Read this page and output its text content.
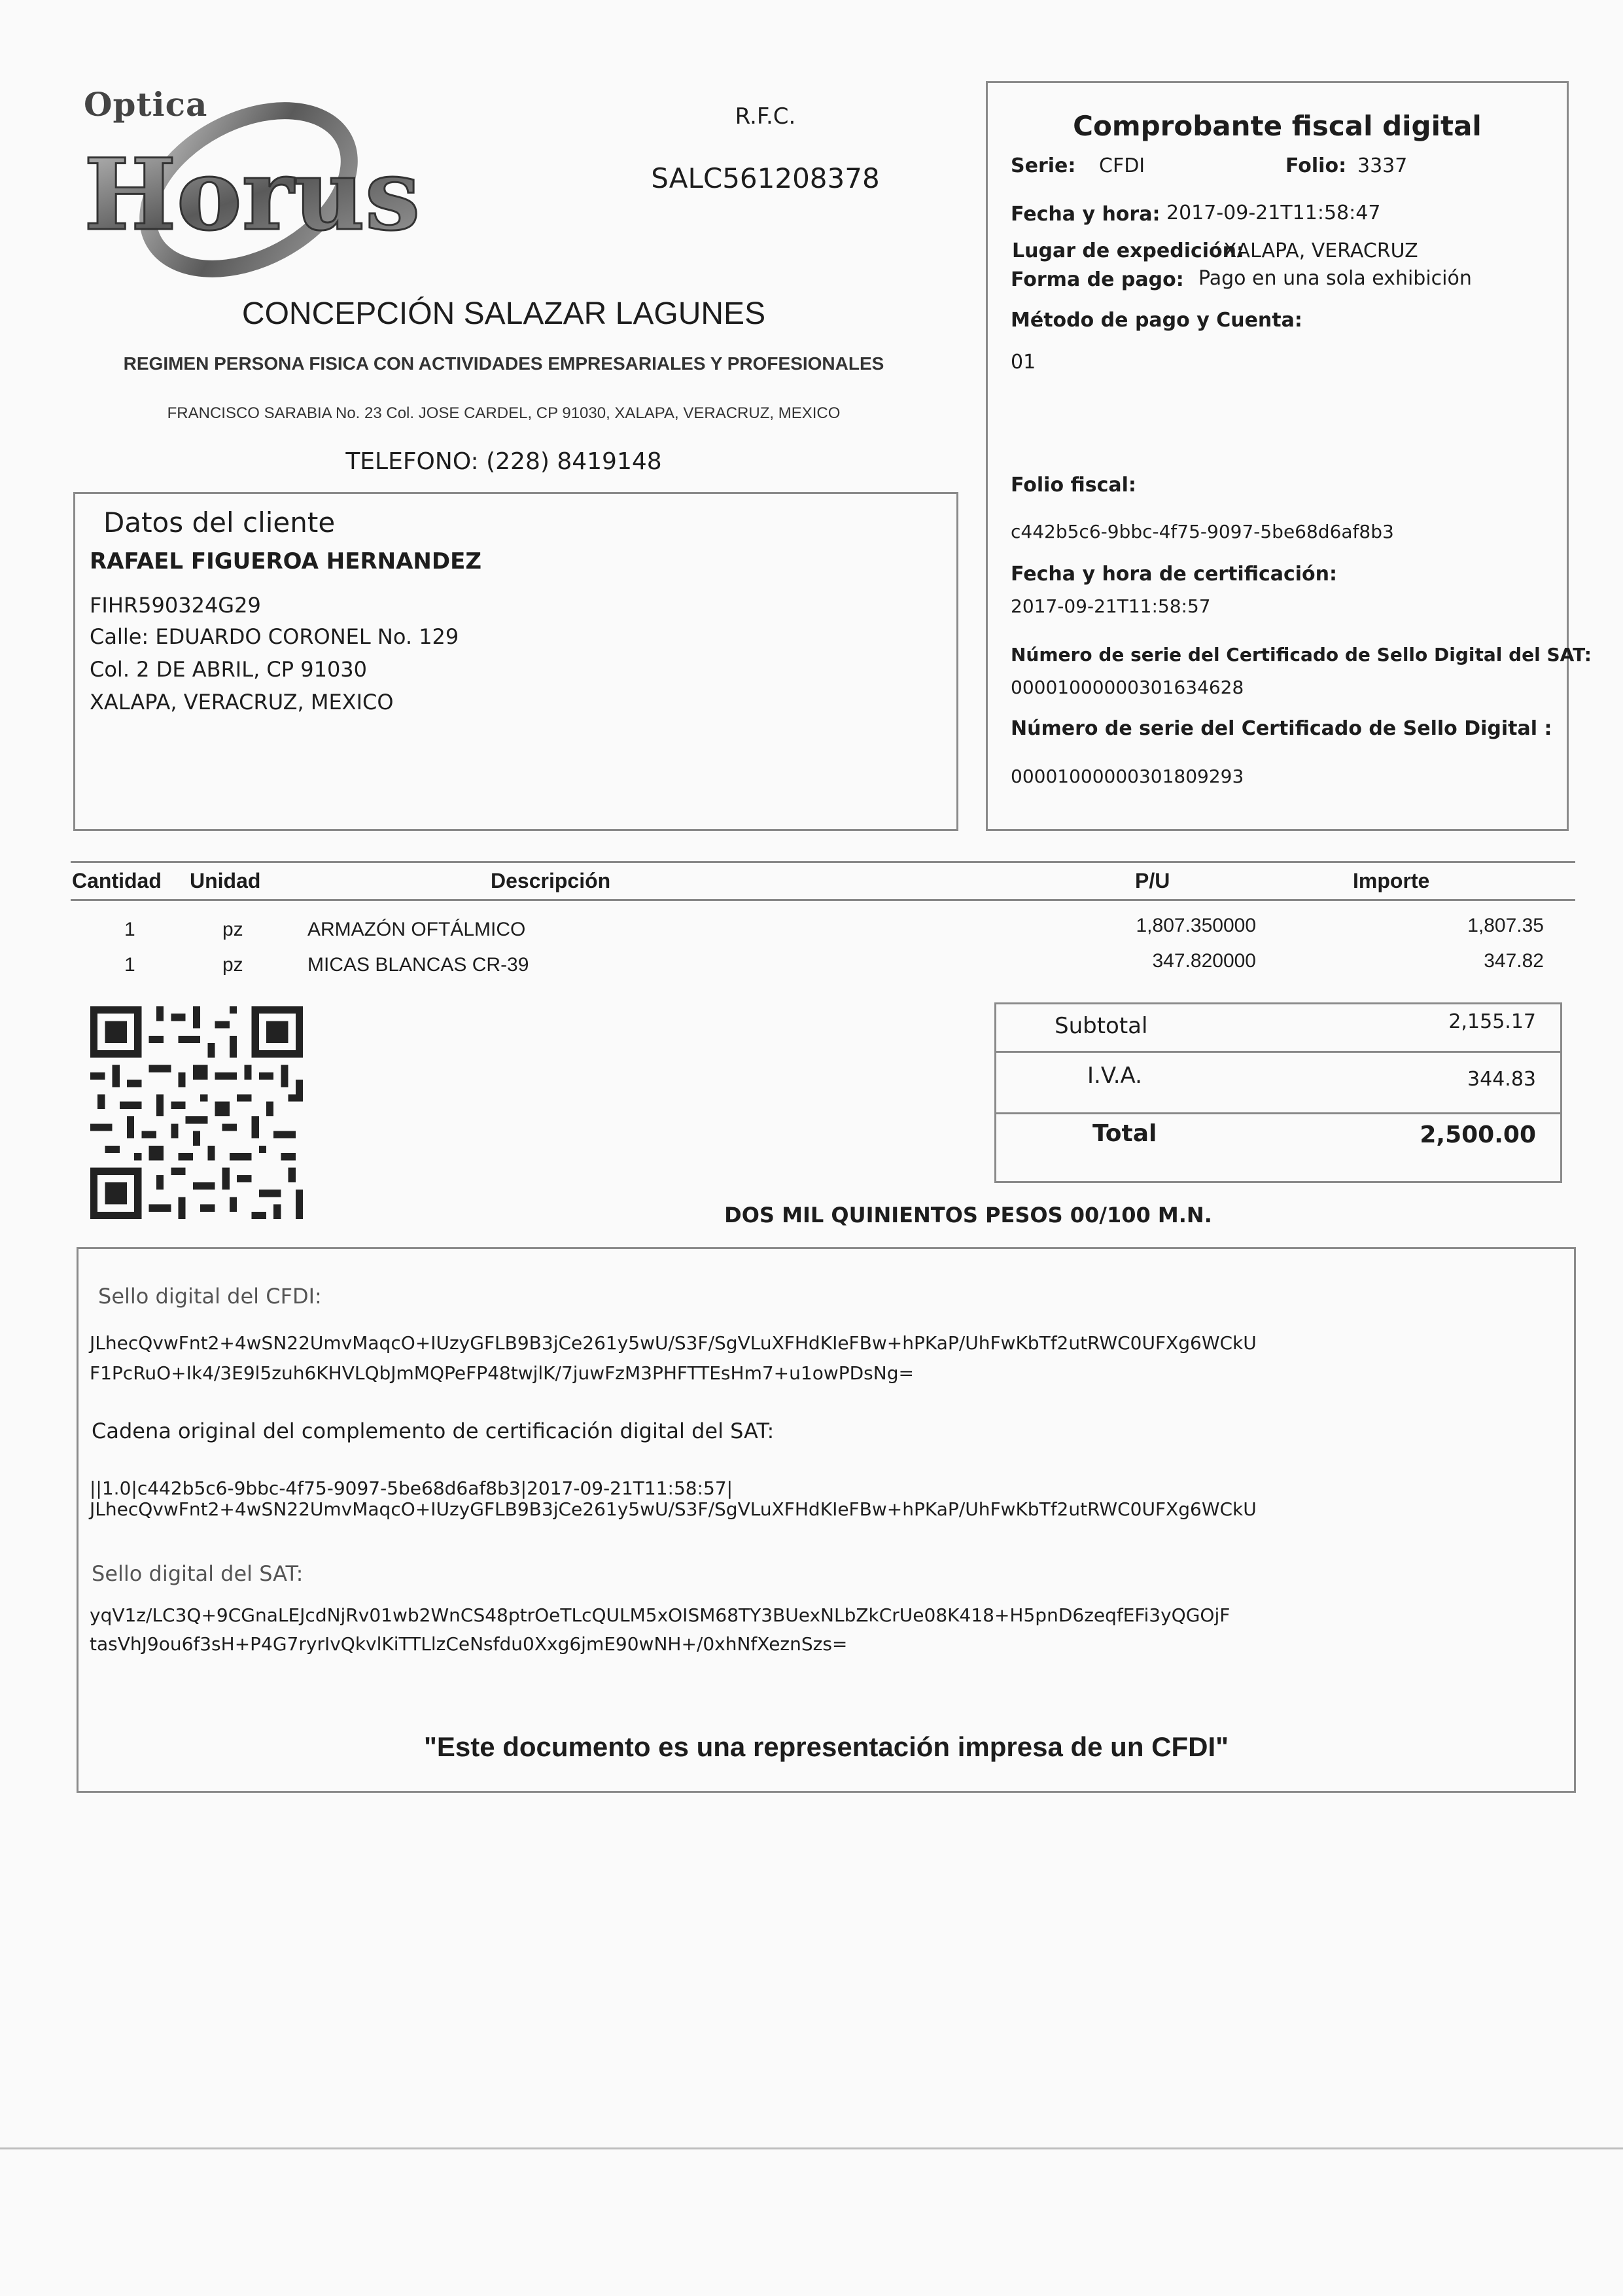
Optica
Horus
R.F.C.
SALC561208378
CONCEPCIÓN SALAZAR LAGUNES
REGIMEN PERSONA FISICA CON ACTIVIDADES EMPRESARIALES Y PROFESIONALES
FRANCISCO SARABIA No. 23 Col. JOSE CARDEL, CP 91030, XALAPA, VERACRUZ, MEXICO
TELEFONO: (228) 8419148
Comprobante fiscal digital
Serie: CFDI	Folio: 3337
Fecha y hora: 2017-09-21T11:58:47
Lugar de expedición:
XALAPA, VERACRUZ
Forma de pago: Pago en una sola exhibición
Método de pago y Cuenta:
01
Folio fiscal:
c442b5c6-9bbc-4f75-9097-5be68d6af8b3
Fecha y hora de certificación:
2017-09-21T11:58:57
Número de serie del Certificado de Sello Digital del SAT:
00001000000301634628
Número de serie del Certificado de Sello Digital :
00001000000301809293
Datos del cliente
RAFAEL FIGUEROA HERNANDEZ
FIHR590324G29
Calle: EDUARDO CORONEL No. 129
Col. 2 DE ABRIL, CP 91030
XALAPA, VERACRUZ, MEXICO
Cantidad Unidad	Descripción	P/U	Importe
1	pz	ARMAZÓN OFTÁLMICO	1,807.350000	1,807.35
1	pz	MICAS BLANCAS CR-39	347.820000	347.82
Subtotal	2,155.17
I.V.A.	344.83
Total	2,500.00
DOS MIL QUINIENTOS PESOS 00/100 M.N.
Sello digital del CFDI:
JLhecQvwFnt2+4wSN22UmvMaqcO+IUzyGFLB9B3jCe261y5wU/S3F/SgVLuXFHdKIeFBw+hPKaP/UhFwKbTf2utRWC0UFXg6WCkU
F1PcRuO+Ik4/3E9l5zuh6KHVLQbJmMQPeFP48twjlK/7juwFzM3PHFTTEsHm7+u1owPDsNg=
Cadena original del complemento de certificación digital del SAT:
||1.0|c442b5c6-9bbc-4f75-9097-5be68d6af8b3|2017-09-21T11:58:57|
JLhecQvwFnt2+4wSN22UmvMaqcO+IUzyGFLB9B3jCe261y5wU/S3F/SgVLuXFHdKIeFBw+hPKaP/UhFwKbTf2utRWC0UFXg6WCkU
Sello digital del SAT:
yqV1z/LC3Q+9CGnaLEJcdNjRv01wb2WnCS48ptrOeTLcQULM5xOISM68TY3BUexNLbZkCrUe08K418+H5pnD6zeqfEFi3yQGOjF
tasVhJ9ou6f3sH+P4G7ryrIvQkvlKiTTLlzCeNsfdu0Xxg6jmE90wNH+/0xhNfXeznSzs=
"Este documento es una representación impresa de un CFDI"
